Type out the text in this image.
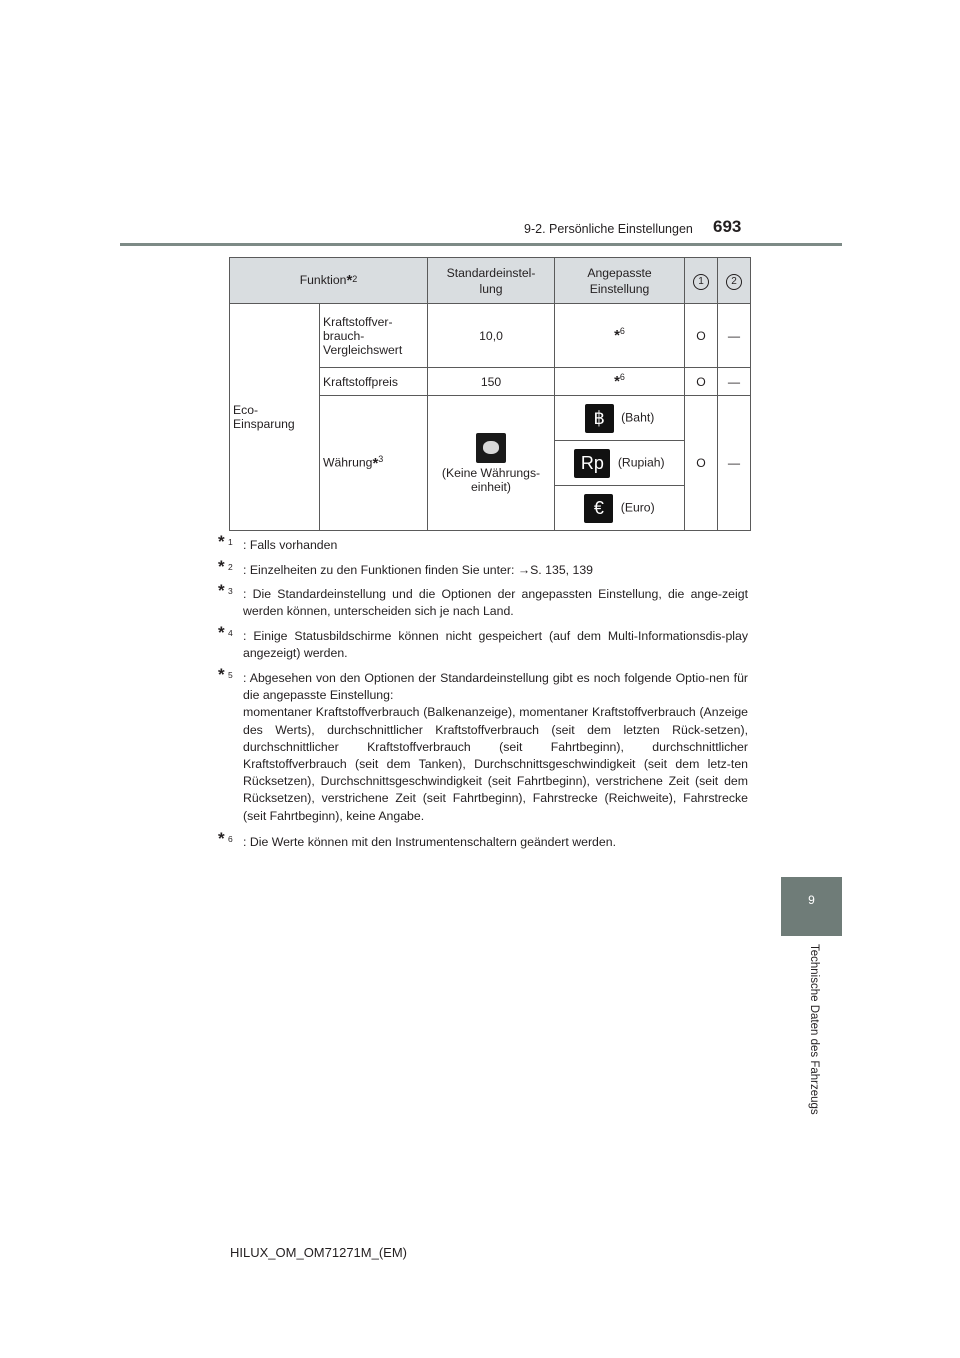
9-2. Persönliche Einstellungen 693
9
Technische Daten des Fahrzeugs
Funktion*$^2$		Standardeinstel-
lung	Angepasste
Einstellung	1	2
Eco-
Einsparung	Kraftstoffver-
brauch-
Vergleichswert	10,0	*$^6$	O	—
	Kraftstoffpreis	150	*$^6$	O	—
	Währung*$^3$	(Keine Währungs-
einheit)	฿ (Baht)	O	—
			Rp (Rupiah)		
			€ (Euro)		
* 1 : Falls vorhanden
* 2 : Einzelheiten zu den Funktionen finden Sie unter: →S. 135, 139
* 3 : Die Standardeinstellung und die Optionen der angepassten Einstellung, die ange-zeigt werden können, unterscheiden sich je nach Land.
* 4 : Einige Statusbildschirme können nicht gespeichert (auf dem Multi-Informationsdis-play angezeigt) werden.
* 5 : Abgesehen von den Optionen der Standardeinstellung gibt es noch folgende Optio-nen für die angepasste Einstellung:
momentaner Kraftstoffverbrauch (Balkenanzeige), momentaner Kraftstoffverbrauch (Anzeige des Werts), durchschnittlicher Kraftstoffverbrauch (seit dem letzten Rück-setzen), durchschnittlicher Kraftstoffverbrauch (seit Fahrtbeginn), durchschnittlicher Kraftstoffverbrauch (seit dem Tanken), Durchschnittsgeschwindigkeit (seit dem letz-ten Rücksetzen), Durchschnittsgeschwindigkeit (seit Fahrtbeginn), verstrichene Zeit (seit dem Rücksetzen), verstrichene Zeit (seit Fahrtbeginn), Fahrstrecke (Reichweite), Fahrstrecke (seit Fahrtbeginn), keine Angabe.
* 6 : Die Werte können mit den Instrumentenschaltern geändert werden.
HILUX_OM_OM71271M_(EM)
